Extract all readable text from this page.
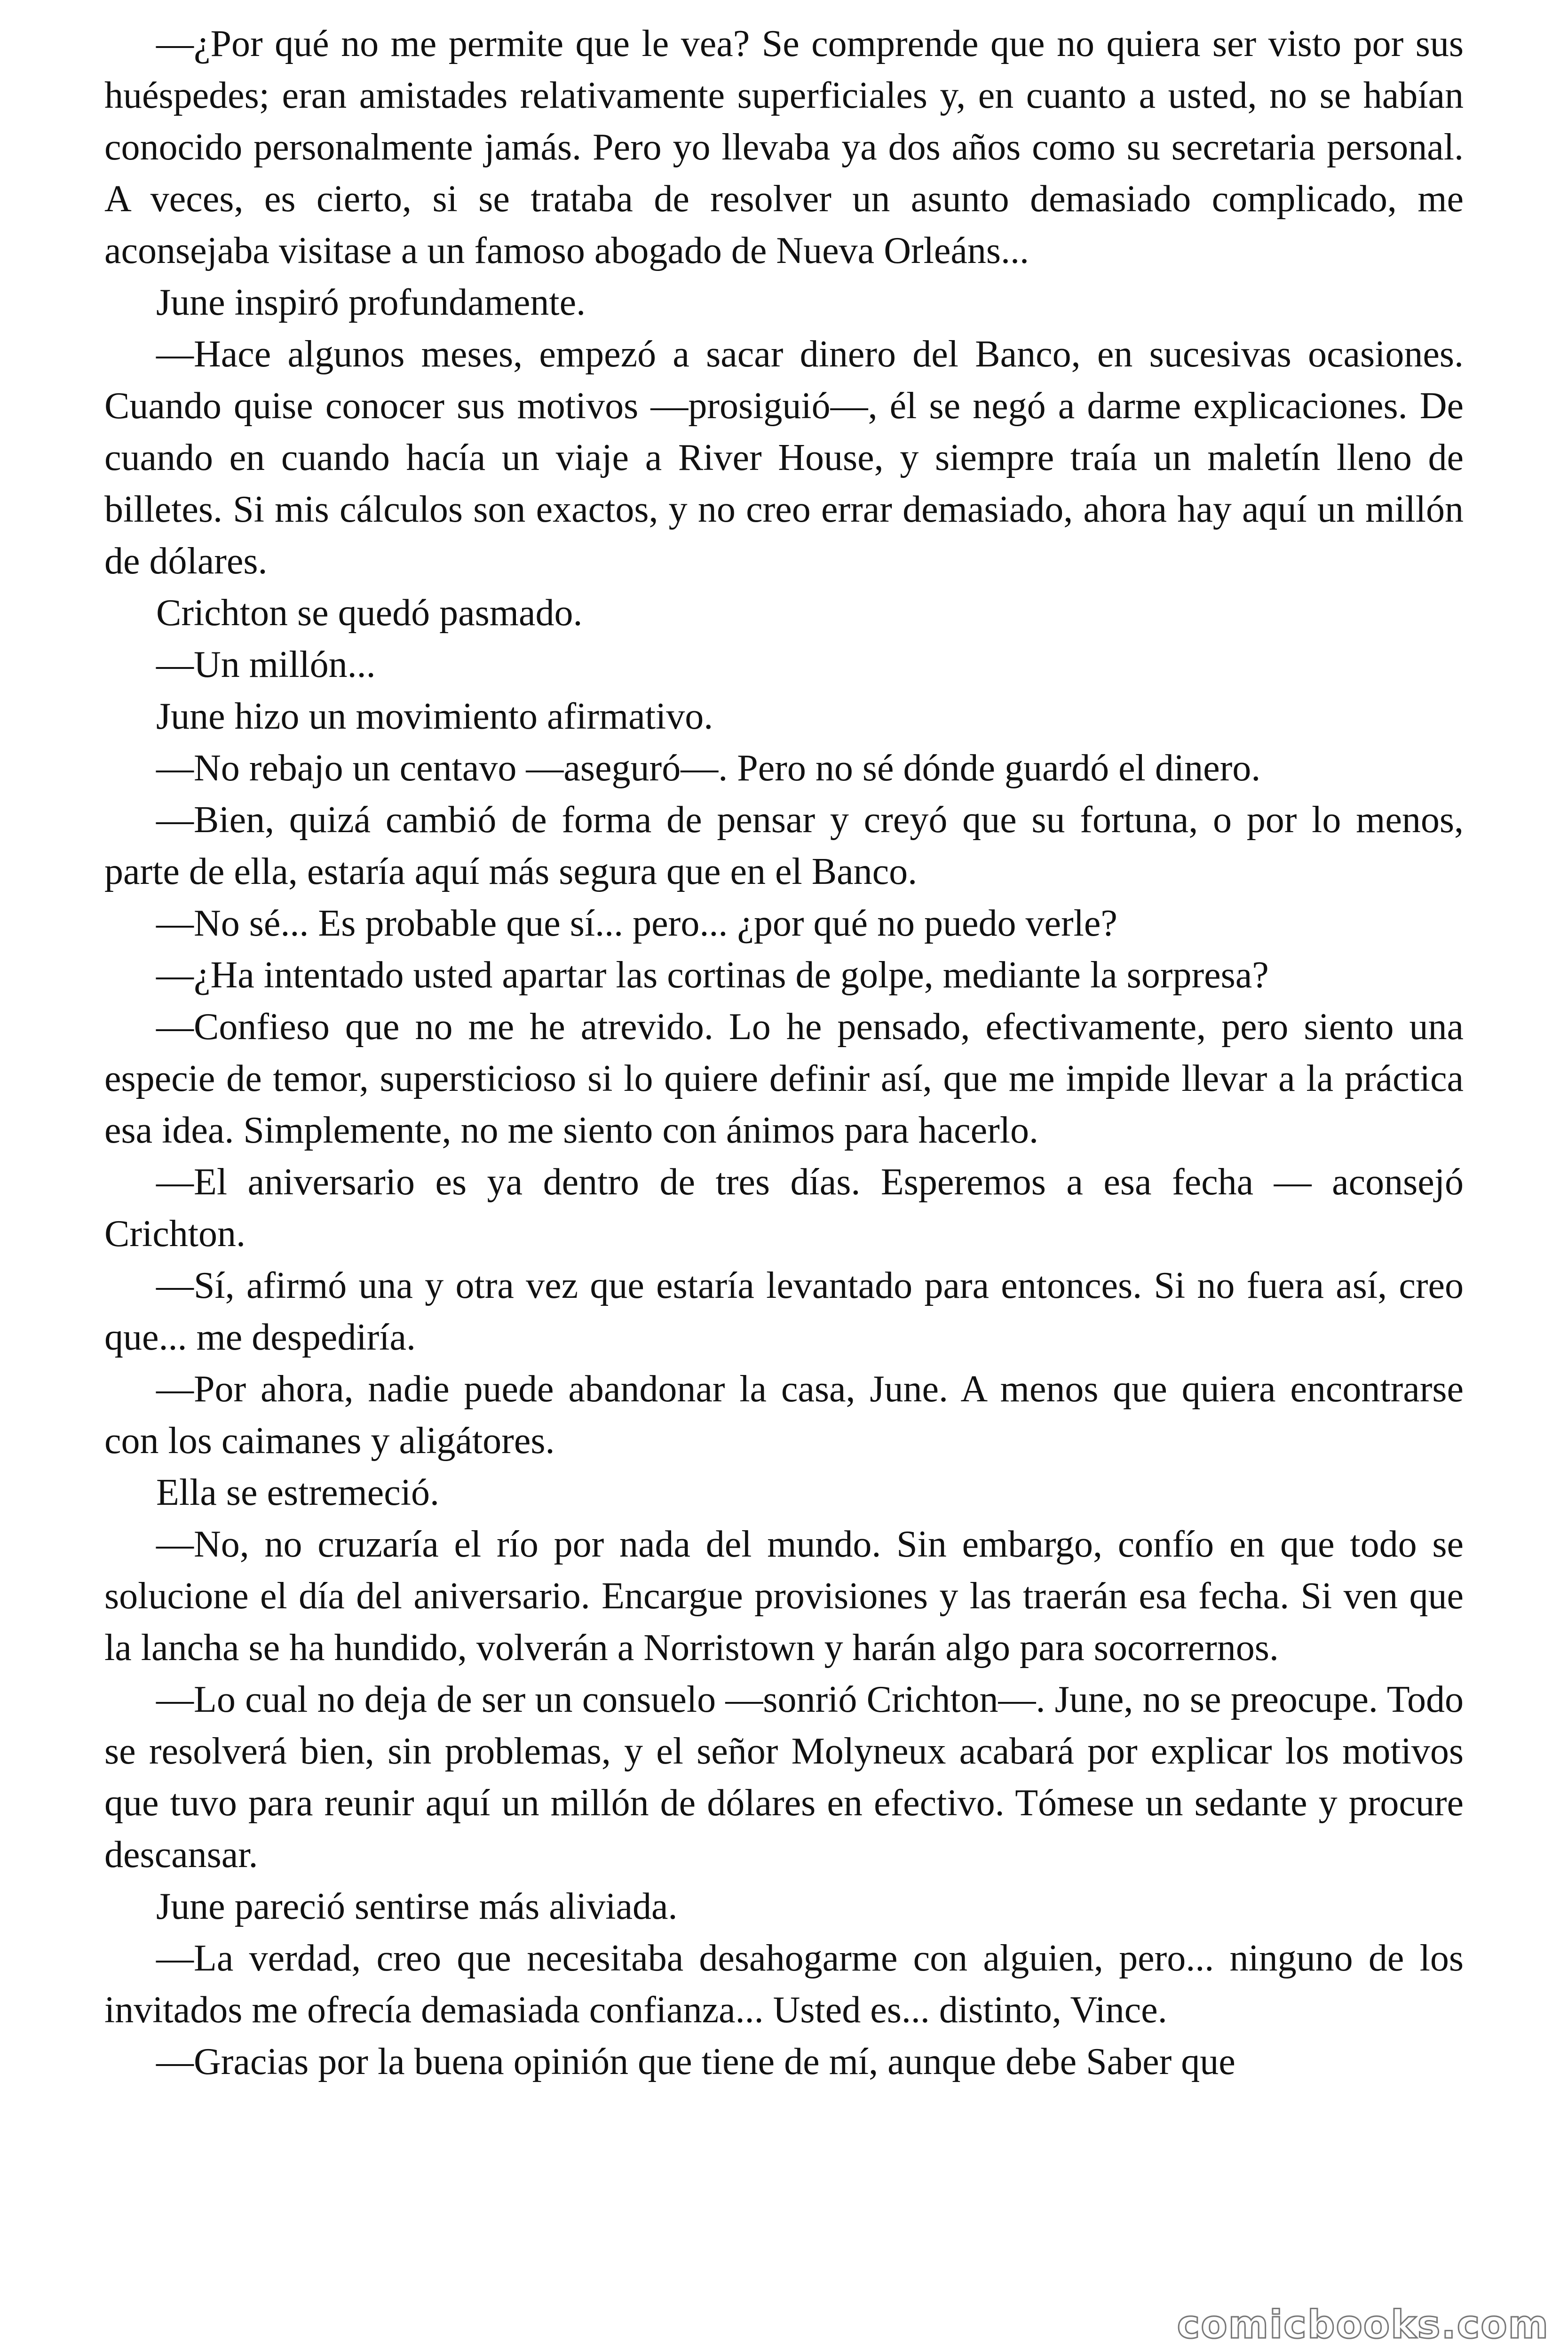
—¿Por qué no me permite que le vea? Se comprende que no quiera ser visto por sus huéspedes; eran amistades relativamente superficiales y, en cuanto a usted, no se habían conocido personalmente jamás. Pero yo llevaba ya dos años como su secretaria personal. A veces, es cierto, si se trataba de resolver un asunto demasiado complicado, me aconsejaba visitase a un famoso abogado de Nueva Orleáns...

June inspiró profundamente.

—Hace algunos meses, empezó a sacar dinero del Banco, en sucesivas ocasiones. Cuando quise conocer sus motivos —prosiguió—, él se negó a darme explicaciones. De cuando en cuando hacía un viaje a River House, y siempre traía un maletín lleno de billetes. Si mis cálculos son exactos, y no creo errar demasiado, ahora hay aquí un millón de dólares.

Crichton se quedó pasmado.

—Un millón...

June hizo un movimiento afirmativo.

—No rebajo un centavo —aseguró—. Pero no sé dónde guardó el dinero.

—Bien, quizá cambió de forma de pensar y creyó que su fortuna, o por lo menos, parte de ella, estaría aquí más segura que en el Banco.

—No sé... Es probable que sí... pero... ¿por qué no puedo verle?

—¿Ha intentado usted apartar las cortinas de golpe, mediante la sorpresa?

—Confieso que no me he atrevido. Lo he pensado, efectivamente, pero siento una especie de temor, supersticioso si lo quiere definir así, que me impide llevar a la práctica esa idea. Simplemente, no me siento con ánimos para hacerlo.

—El aniversario es ya dentro de tres días. Esperemos a esa fecha — aconsejó Crichton.

—Sí, afirmó una y otra vez que estaría levantado para entonces. Si no fuera así, creo que... me despediría.

—Por ahora, nadie puede abandonar la casa, June. A menos que quiera encontrarse con los caimanes y aligátores.

Ella se estremeció.

—No, no cruzaría el río por nada del mundo. Sin embargo, confío en que todo se solucione el día del aniversario. Encargue provisiones y las traerán esa fecha. Si ven que la lancha se ha hundido, volverán a Norristown y harán algo para socorrernos.

—Lo cual no deja de ser un consuelo —sonrió Crichton—. June, no se preocupe. Todo se resolverá bien, sin problemas, y el señor Molyneux acabará por explicar los motivos que tuvo para reunir aquí un millón de dólares en efectivo. Tómese un sedante y procure descansar.

June pareció sentirse más aliviada.

—La verdad, creo que necesitaba desahogarme con alguien, pero... ninguno de los invitados me ofrecía demasiada confianza... Usted es... distinto, Vince.

—Gracias por la buena opinión que tiene de mí, aunque debe Saber que

comicbooks.com
